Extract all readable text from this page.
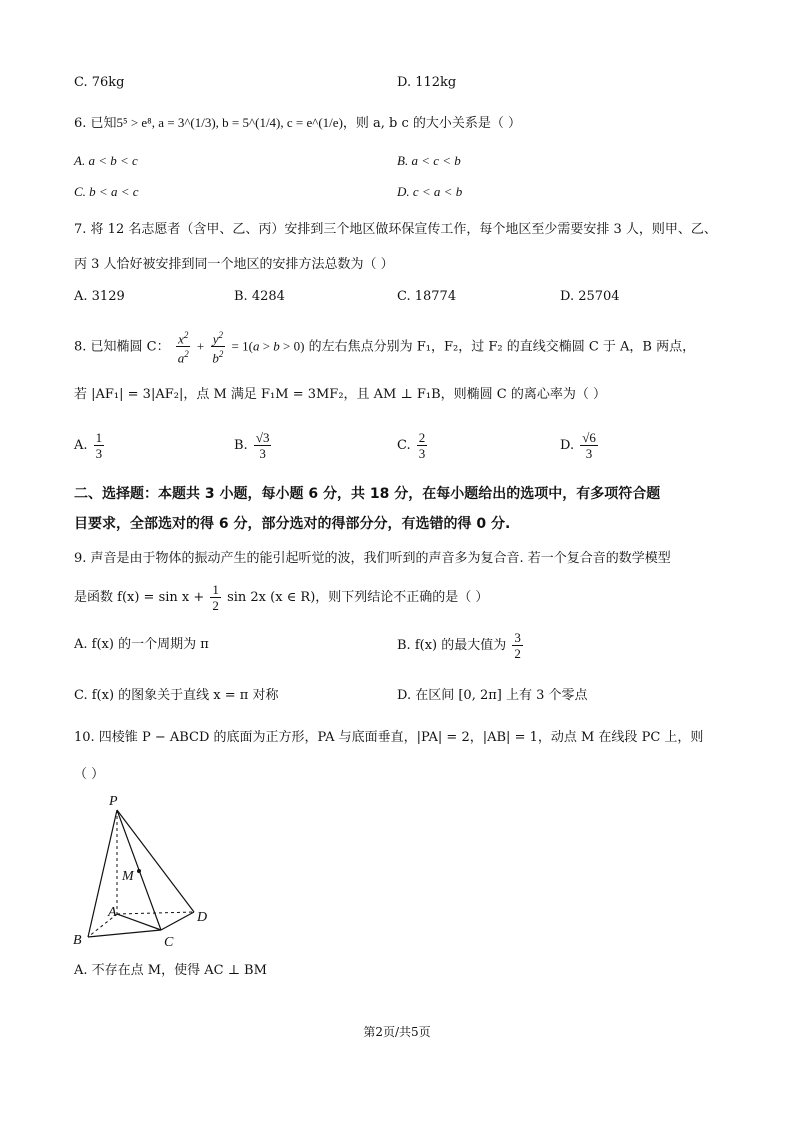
C. 76kg	D. 112kg
6. 已知5⁵ > e⁸, a = 3^(1/3), b = 5^(1/4), c = e^(1/e)，则 a, b c 的大小关系是（ ）
A. a < b < c	B. a < c < b
C. b < a < c	D. c < a < b
7. 将 12 名志愿者（含甲、乙、丙）安排到三个地区做环保宣传工作，每个地区至少需要安排 3 人，则甲、乙、
丙 3 人恰好被安排到同一个地区的安排方法总数为（ ）
A. 3129	B. 4284	C. 18774	D. 25704
8. 已知椭圆 C： $\frac{x^2}{a^2} + \frac{y^2}{b^2} = 1(a > b > 0)$ 的左右焦点分别为 F₁，F₂，过 F₂ 的直线交椭圆 C 于 A，B 两点，
若 |AF₁| = 3|AF₂|，点 M 满足 F₁M = 3MF₂，且 AM ⊥ F₁B，则椭圆 C 的离心率为（ ）
A. $\frac{1}{3}$	B. $\frac{√3}{3}$	C. $\frac{2}{3}$	D. $\frac{√6}{3}$
二、选择题：本题共 3 小题，每小题 6 分，共 18 分，在每小题给出的选项中，有多项符合题
目要求，全部选对的得 6 分，部分选对的得部分分，有选错的得 0 分.
9. 声音是由于物体的振动产生的能引起听觉的波，我们听到的声音多为复合音. 若一个复合音的数学模型
是函数 $f(x) = \sin x + \frac{1}{2}$ sin 2x (x ∈ R)，则下列结论不正确的是（ ）
A. f(x) 的一个周期为 π	B. f(x) 的最大值为 $\frac{3}{2}$
C. f(x) 的图象关于直线 x = π 对称	D. 在区间 [0, 2π] 上有 3 个零点
10. 四棱锥 P − ABCD 的底面为正方形，PA 与底面垂直，|PA| = 2，|AB| = 1，动点 M 在线段 PC 上，则
（ ）
P
M
A
B	C
D
A. 不存在点 M，使得 AC ⊥ BM
第2页/共5页
